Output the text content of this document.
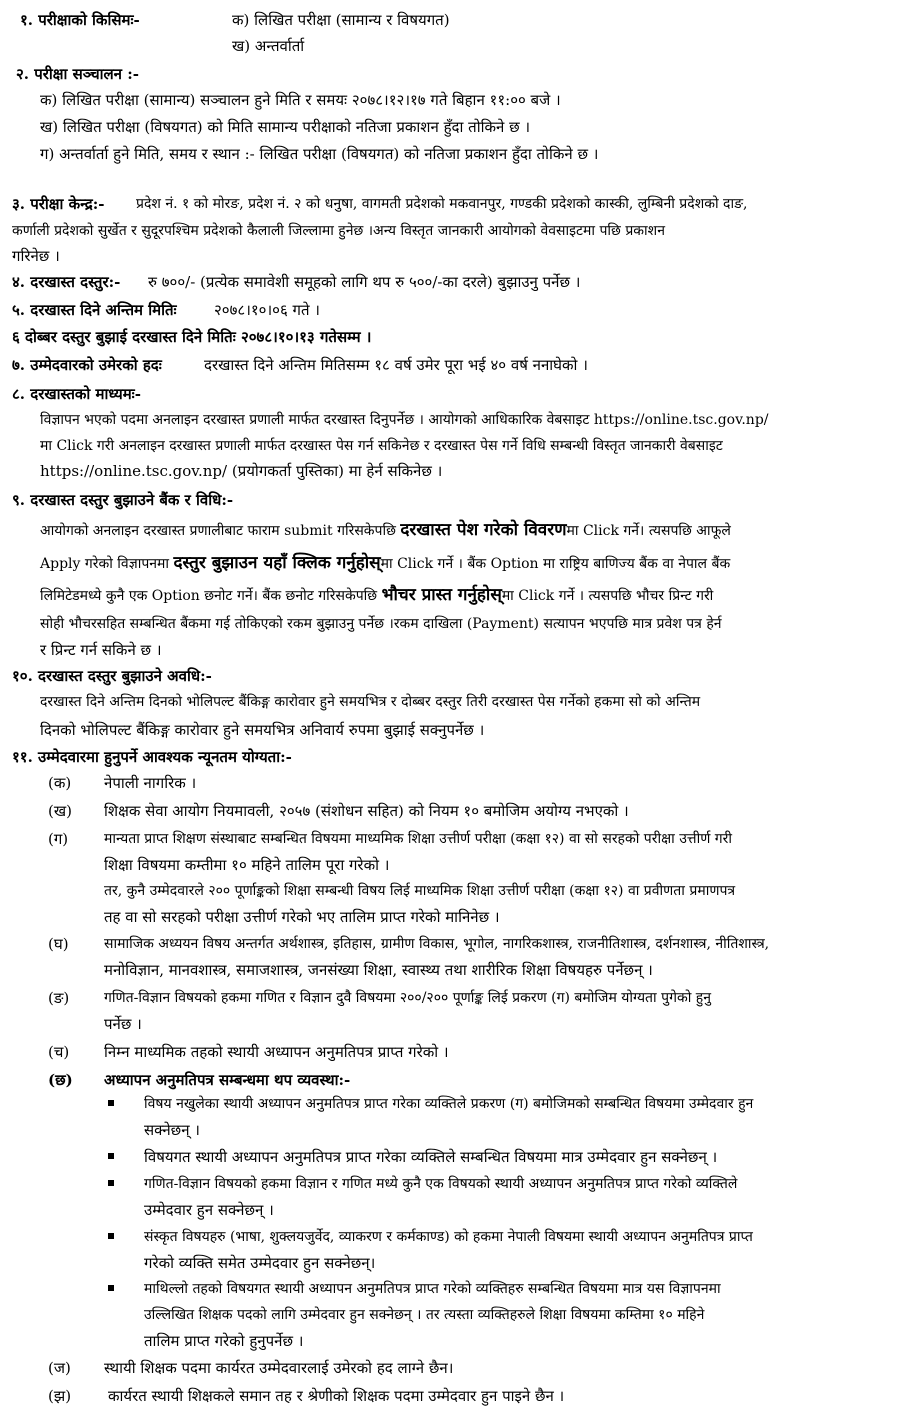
१. परीक्षाको किसिमः-	क) लिखित परीक्षा (सामान्य र विषयगत)
ख) अन्तर्वार्ता
२. परीक्षा सञ्चालन :-
क) लिखित परीक्षा (सामान्य) सञ्चालन हुने मिति र समयः २०७८।१२।१७ गते बिहान ११:०० बजे ।
ख) लिखित परीक्षा (विषयगत) को मिति सामान्य परीक्षाको नतिजा प्रकाशन हुँदा तोकिने छ ।
ग) अन्तर्वार्ता हुने मिति, समय र स्थान :- लिखित परीक्षा (विषयगत) को नतिजा प्रकाशन हुँदा तोकिने छ ।
३. परीक्षा केन्द्र:- प्रदेश नं. १ को मोरङ, प्रदेश नं. २ को धनुषा, वागमती प्रदेशको मकवानपुर, गण्डकी प्रदेशको कास्की, लुम्बिनी प्रदेशको दाङ,
कर्णाली प्रदेशको सुर्खेत र सुदूरपश्चिम प्रदेशको कैलाली जिल्लामा हुनेछ ।अन्य विस्तृत जानकारी आयोगको वेवसाइटमा पछि प्रकाशन
गरिनेछ ।
४. दरखास्त दस्तुर:- रु ७००/- (प्रत्येक समावेशी समूहको लागि थप रु ५००/-का दरले) बुझाउनु पर्नेछ ।
५. दरखास्त दिने अन्तिम मितिः २०७८।१०।०६ गते ।
६ दोब्बर दस्तुर बुझाई दरखास्त दिने मितिः २०७८।१०।१३ गतेसम्म ।
७. उम्मेदवारको उमेरको हदः	दरखास्त दिने अन्तिम मितिसम्म १८ वर्ष उमेर पूरा भई ४० वर्ष ननाघेको ।
८. दरखास्तको माध्यमः-
विज्ञापन भएको पदमा अनलाइन दरखास्त प्रणाली मार्फत दरखास्त दिनुपर्नेछ । आयोगको आधिकारिक वेबसाइट https://online.tsc.gov.np/
मा Click गरी अनलाइन दरखास्त प्रणाली मार्फत दरखास्त पेस गर्न सकिनेछ र दरखास्त पेस गर्ने विधि सम्बन्धी विस्तृत जानकारी वेबसाइट
https://online.tsc.gov.np/ (प्रयोगकर्ता पुस्तिका) मा हेर्न सकिनेछ ।
९. दरखास्त दस्तुर बुझाउने बैंक र विधि:-
आयोगको अनलाइन दरखास्त प्रणालीबाट फाराम submit गरिसकेपछि दरखास्त पेश गरेको विवरणमा Click गर्ने। त्यसपछि आफूले
Apply गरेको विज्ञापनमा दस्तुर बुझाउन यहाँ क्लिक गर्नुहोस्मा Click गर्ने । बैंक Option मा राष्ट्रिय बाणिज्य बैंक वा नेपाल बैंक
लिमिटेडमध्ये कुनै एक Option छनोट गर्ने। बैंक छनोट गरिसकेपछि भौचर प्रास्त गर्नुहोस्मा Click गर्ने । त्यसपछि भौचर प्रिन्ट गरी
सोही भौचरसहित सम्बन्धित बैंकमा गई तोकिएको रकम बुझाउनु पर्नेछ ।रकम दाखिला (Payment) सत्यापन भएपछि मात्र प्रवेश पत्र हेर्न
र प्रिन्ट गर्न सकिने छ ।
१०. दरखास्त दस्तुर बुझाउने अवधि:-
दरखास्त दिने अन्तिम दिनको भोलिपल्ट बैंकिङ्ग कारोवार हुने समयभित्र र दोब्बर दस्तुर तिरी दरखास्त पेस गर्नेको हकमा सो को अन्तिम
दिनको भोलिपल्ट बैंकिङ्ग कारोवार हुने समयभित्र अनिवार्य रुपमा बुझाई सक्नुपर्नेछ ।
११. उम्मेदवारमा हुनुपर्ने आवश्यक न्यूनतम योग्यता:-
(क) नेपाली नागरिक ।
(ख) शिक्षक सेवा आयोग नियमावली, २०५७ (संशोधन सहित) को नियम १० बमोजिम अयोग्य नभएको ।
(ग)	मान्यता प्राप्त शिक्षण संस्थाबाट सम्बन्धित विषयमा माध्यमिक शिक्षा उत्तीर्ण परीक्षा (कक्षा १२) वा सो सरहको परीक्षा उत्तीर्ण गरी
शिक्षा विषयमा कम्तीमा १० महिने तालिम पूरा गरेको ।
तर, कुनै उम्मेदवारले २०० पूर्णाङ्कको शिक्षा सम्बन्धी विषय लिई माध्यमिक शिक्षा उत्तीर्ण परीक्षा (कक्षा १२) वा प्रवीणता प्रमाणपत्र
तह वा सो सरहको परीक्षा उत्तीर्ण गरेको भए तालिम प्राप्त गरेको मानिनेछ ।
(घ)	सामाजिक अध्ययन विषय अन्तर्गत अर्थशास्त्र, इतिहास, ग्रामीण विकास, भूगोल, नागरिकशास्त्र, राजनीतिशास्त्र, दर्शनशास्त्र, नीतिशास्त्र,
मनोविज्ञान, मानवशास्त्र, समाजशास्त्र, जनसंख्या शिक्षा, स्वास्थ्य तथा शारीरिक शिक्षा विषयहरु पर्नेछन् ।
(ङ) गणित-विज्ञान विषयको हकमा गणित र विज्ञान दुवै विषयमा २००/२०० पूर्णाङ्क लिई प्रकरण (ग) बमोजिम योग्यता पुगेको हुनु
पर्नेछ ।
(च) निम्न माध्यमिक तहको स्थायी अध्यापन अनुमतिपत्र प्राप्त गरेको ।
(छ) अध्यापन अनुमतिपत्र सम्बन्धमा थप व्यवस्था:-
विषय नखुलेका स्थायी अध्यापन अनुमतिपत्र प्राप्त गरेका व्यक्तिले प्रकरण (ग) बमोजिमको सम्बन्धित विषयमा उम्मेदवार हुन
सक्नेछन् ।
विषयगत स्थायी अध्यापन अनुमतिपत्र प्राप्त गरेका व्यक्तिले सम्बन्धित विषयमा मात्र उम्मेदवार हुन सक्नेछन् ।
गणित-विज्ञान विषयको हकमा विज्ञान र गणित मध्ये कुनै एक विषयको स्थायी अध्यापन अनुमतिपत्र प्राप्त गरेको व्यक्तिले
उम्मेदवार हुन सक्नेछन् ।
संस्कृत विषयहरु (भाषा, शुक्लयजुर्वेद, व्याकरण र कर्मकाण्ड) को हकमा नेपाली विषयमा स्थायी अध्यापन अनुमतिपत्र प्राप्त
गरेको व्यक्ति समेत उम्मेदवार हुन सक्नेछन्।
माथिल्लो तहको विषयगत स्थायी अध्यापन अनुमतिपत्र प्राप्त गरेको व्यक्तिहरु सम्बन्धित विषयमा मात्र यस विज्ञापनमा
उल्लिखित शिक्षक पदको लागि उम्मेदवार हुन सक्नेछन् । तर त्यस्ता व्यक्तिहरुले शिक्षा विषयमा कम्तिमा १० महिने
तालिम प्राप्त गरेको हुनुपर्नेछ ।
(ज) स्थायी शिक्षक पदमा कार्यरत उम्मेदवारलाई उमेरको हद लाग्ने छैन।
(झ) कार्यरत स्थायी शिक्षकले समान तह र श्रेणीको शिक्षक पदमा उम्मेदवार हुन पाइने छैन ।
